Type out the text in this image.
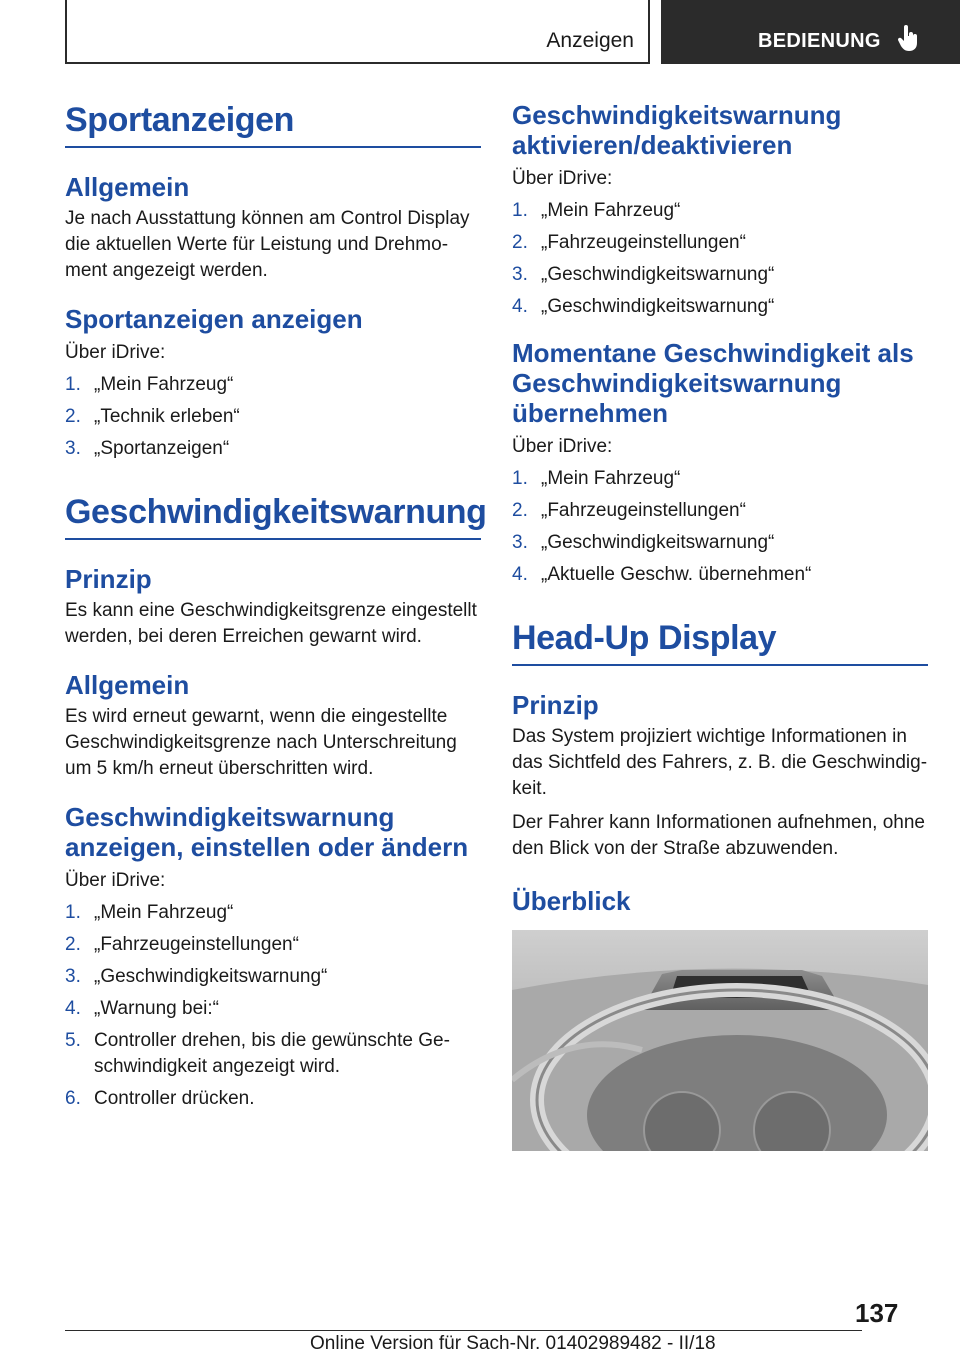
Anzeigen	BEDIENUNG
Sportanzeigen
Allgemein

Je nach Ausstattung können am Control Display die aktuellen Werte für Leistung und Drehmoment angezeigt werden.

Sportanzeigen anzeigen

Über iDrive:

1. „Mein Fahrzeug“
2. „Technik erleben“
3. „Sportanzeigen“
Geschwindigkeitswarnung
Prinzip

Es kann eine Geschwindigkeitsgrenze eingestellt werden, bei deren Erreichen gewarnt wird.

Allgemein

Es wird erneut gewarnt, wenn die eingestellte Geschwindigkeitsgrenze nach Unterschreitung um 5 km/h erneut überschritten wird.

Geschwindigkeitswarnung anzeigen, einstellen oder ändern

Über iDrive:

1. „Mein Fahrzeug“
2. „Fahrzeugeinstellungen“
3. „Geschwindigkeitswarnung“
4. „Warnung bei:“
5. Controller drehen, bis die gewünschte Geschwindigkeit angezeigt wird.
6. Controller drücken.
Geschwindigkeitswarnung aktivieren/deaktivieren

Über iDrive:

1. „Mein Fahrzeug“
2. „Fahrzeugeinstellungen“
3. „Geschwindigkeitswarnung“
4. „Geschwindigkeitswarnung“
Momentane Geschwindigkeit als Geschwindigkeitswarnung übernehmen

Über iDrive:

1. „Mein Fahrzeug“
2. „Fahrzeugeinstellungen“
3. „Geschwindigkeitswarnung“
4. „Aktuelle Geschw. übernehmen“
Head-Up Display
Prinzip

Das System projiziert wichtige Informationen in das Sichtfeld des Fahrers, z. B. die Geschwindigkeit.

Der Fahrer kann Informationen aufnehmen, ohne den Blick von der Straße abzuwenden.

Überblick
137
Online Version für Sach-Nr. 01402989482 - II/18
